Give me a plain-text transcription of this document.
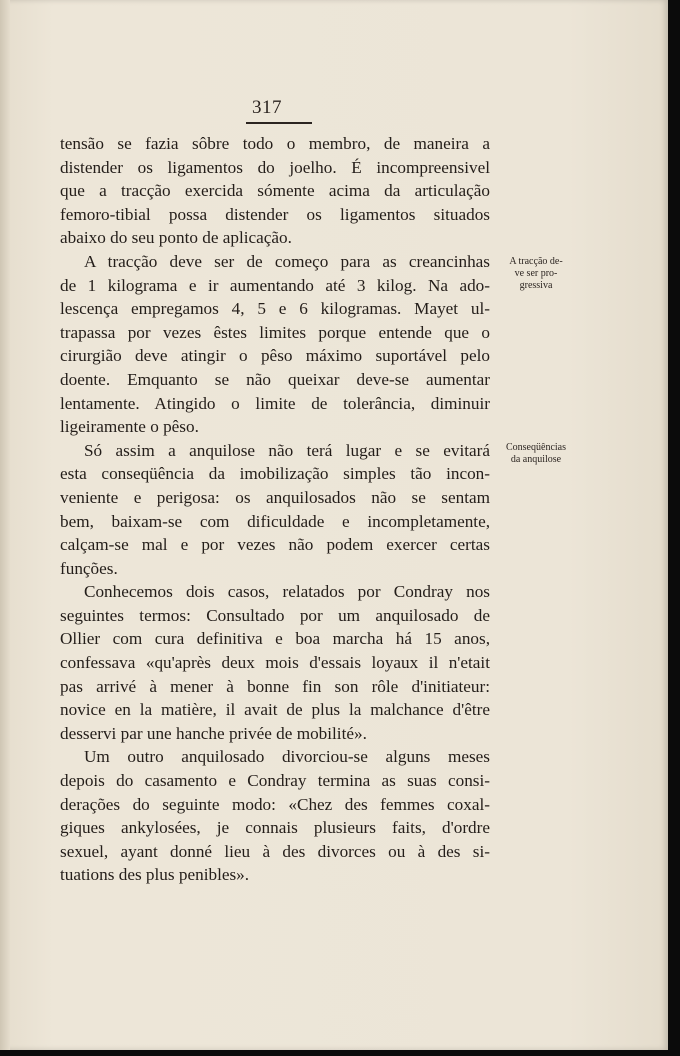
317
tensão se fazia sôbre todo o membro, de maneira a
distender os ligamentos do joelho. É incompreensivel
que a tracção exercida sómente acima da articulação
femoro-tibial possa distender os ligamentos situados
abaixo do seu ponto de aplicação.
A tracção deve ser de começo para as creancinhas
de 1 kilograma e ir aumentando até 3 kilog. Na ado-
lescença empregamos 4, 5 e 6 kilogramas. Mayet ul-
trapassa por vezes êstes limites porque entende que o
cirurgião deve atingir o pêso máximo suportável pelo
doente. Emquanto se não queixar deve-se aumentar
lentamente. Atingido o limite de tolerância, diminuir
ligeiramente o pêso.
Só assim a anquilose não terá lugar e se evitará
esta conseqüência da imobilização simples tão incon-
veniente e perigosa: os anquilosados não se sentam
bem, baixam-se com dificuldade e incompletamente,
calçam-se mal e por vezes não podem exercer certas
funções.
Conhecemos dois casos, relatados por Condray nos
seguintes termos: Consultado por um anquilosado de
Ollier com cura definitiva e boa marcha há 15 anos,
confessava «qu'après deux mois d'essais loyaux il n'etait
pas arrivé à mener à bonne fin son rôle d'initiateur:
novice en la matière, il avait de plus la malchance d'être
desservi par une hanche privée de mobilité».
Um outro anquilosado divorciou-se alguns meses
depois do casamento e Condray termina as suas consi-
derações do seguinte modo: «Chez des femmes coxal-
giques ankylosées, je connais plusieurs faits, d'ordre
sexuel, ayant donné lieu à des divorces ou à des si-
tuations des plus penibles».
A tracção de-
ve ser pro-
gressiva
Conseqüências
da anquilose
